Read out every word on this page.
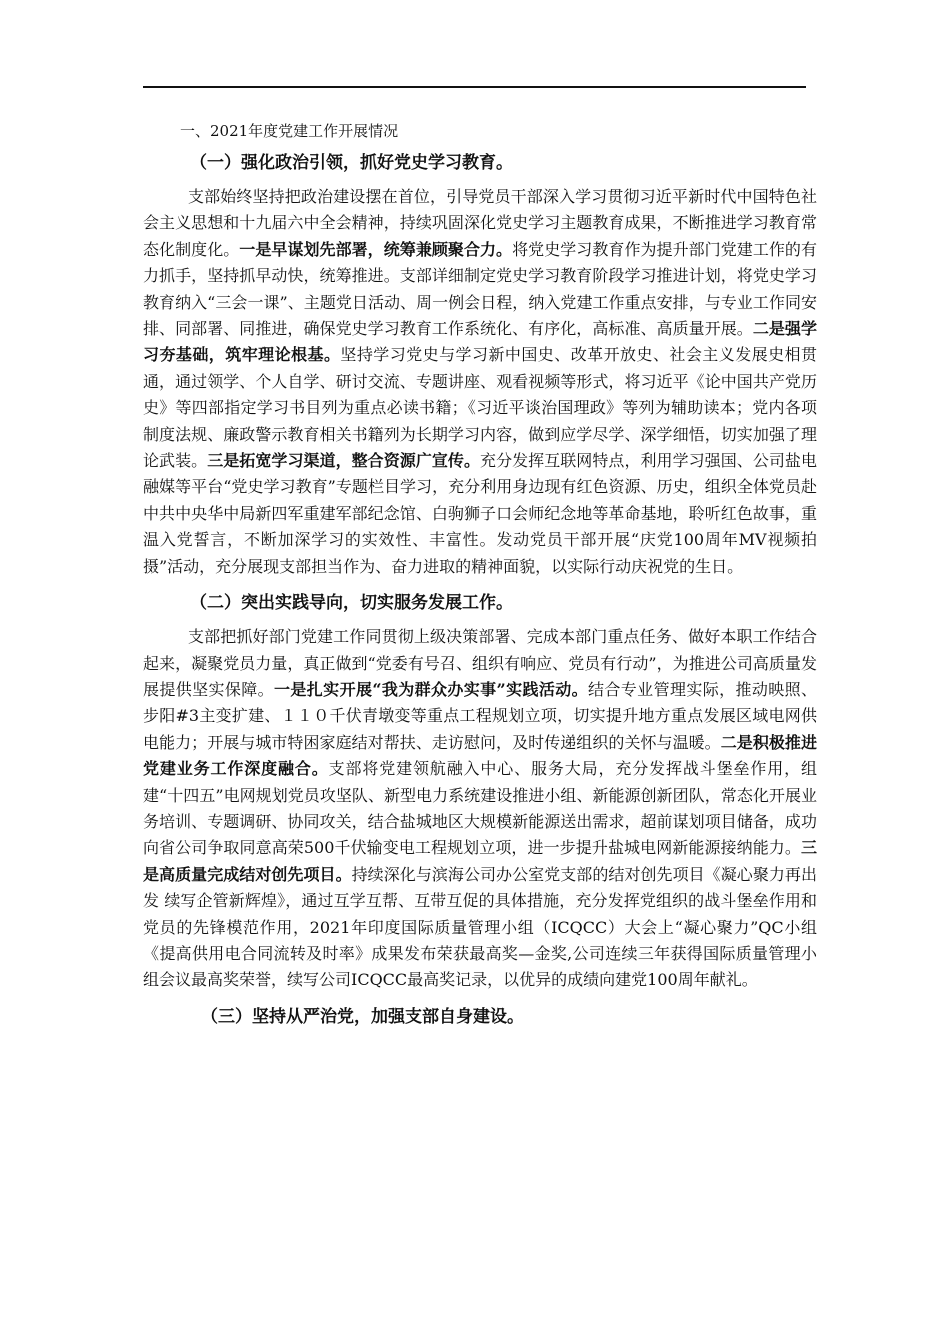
一、2021年度党建工作开展情况
（一）强化政治引领，抓好党史学习教育。
支部始终坚持把政治建设摆在首位，引导党员干部深入学习贯彻习近平新时代中国特色社会主义思想和十九届六中全会精神，持续巩固深化党史学习主题教育成果，不断推进学习教育常态化制度化。一是早谋划先部署，统筹兼顾聚合力。将党史学习教育作为提升部门党建工作的有力抓手，坚持抓早动快，统筹推进。支部详细制定党史学习教育阶段学习推进计划，将党史学习教育纳入“三会一课”、主题党日活动、周一例会日程，纳入党建工作重点安排，与专业工作同安排、同部署、同推进，确保党史学习教育工作系统化、有序化，高标准、高质量开展。二是强学习夯基础，筑牢理论根基。坚持学习党史与学习新中国史、改革开放史、社会主义发展史相贯通，通过领学、个人自学、研讨交流、专题讲座、观看视频等形式，将习近平《论中国共产党历史》等四部指定学习书目列为重点必读书籍；《习近平谈治国理政》等列为辅助读本；党内各项制度法规、廉政警示教育相关书籍列为长期学习内容，做到应学尽学、深学细悟，切实加强了理论武装。三是拓宽学习渠道，整合资源广宣传。充分发挥互联网特点，利用学习强国、公司盐电融媒等平台“党史学习教育”专题栏目学习，充分利用身边现有红色资源、历史，组织全体党员赴中共中央华中局新四军重建军部纪念馆、白驹狮子口会师纪念地等革命基地，聆听红色故事，重温入党誓言，不断加深学习的实效性、丰富性。发动党员干部开展“庆党100周年MV视频拍摄”活动，充分展现支部担当作为、奋力进取的精神面貌，以实际行动庆祝党的生日。
（二）突出实践导向，切实服务发展工作。
支部把抓好部门党建工作同贯彻上级决策部署、完成本部门重点任务、做好本职工作结合起来，凝聚党员力量，真正做到“党委有号召、组织有响应、党员有行动”，为推进公司高质量发展提供坚实保障。一是扎实开展“我为群众办实事”实践活动。结合专业管理实际，推动映照、步阳#3主变扩建、１１０千伏青墩变等重点工程规划立项，切实提升地方重点发展区域电网供电能力；开展与城市特困家庭结对帮扶、走访慰问，及时传递组织的关怀与温暖。二是积极推进党建业务工作深度融合。支部将党建领航融入中心、服务大局，充分发挥战斗堡垒作用，组建“十四五”电网规划党员攻坚队、新型电力系统建设推进小组、新能源创新团队，常态化开展业务培训、专题调研、协同攻关，结合盐城地区大规模新能源送出需求，超前谋划项目储备，成功向省公司争取同意高荣500千伏输变电工程规划立项，进一步提升盐城电网新能源接纳能力。三是高质量完成结对创先项目。持续深化与滨海公司办公室党支部的结对创先项目《凝心聚力再出发 续写企管新辉煌》，通过互学互帮、互带互促的具体措施，充分发挥党组织的战斗堡垒作用和党员的先锋模范作用，2021年印度国际质量管理小组（ICQCC）大会上“凝心聚力”QC小组《提高供用电合同流转及时率》成果发布荣获最高奖—金奖,公司连续三年获得国际质量管理小组会议最高奖荣誉，续写公司ICQCC最高奖记录，以优异的成绩向建党100周年献礼。
（三）坚持从严治党，加强支部自身建设。
